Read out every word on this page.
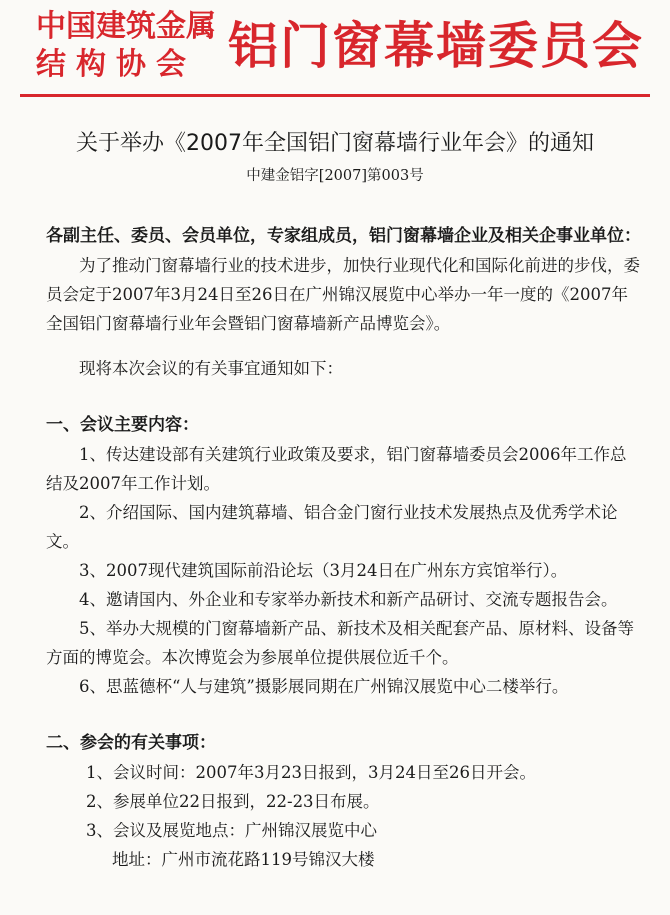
中国建筑金属
结构协会 铝门窗幕墙委员会
关于举办《2007年全国铝门窗幕墙行业年会》的通知
中建金铝字[2007]第003号

各副主任、委员、会员单位，专家组成员，铝门窗幕墙企业及相关企事业单位：

为了推动门窗幕墙行业的技术进步，加快行业现代化和国际化前进的步伐，委员会定于2007年3月24日至26日在广州锦汉展览中心举办一年一度的《2007年全国铝门窗幕墙行业年会暨铝门窗幕墙新产品博览会》。

现将本次会议的有关事宜通知如下：

一、会议主要内容：

1、传达建设部有关建筑行业政策及要求，铝门窗幕墙委员会2006年工作总结及2007年工作计划。

2、介绍国际、国内建筑幕墙、铝合金门窗行业技术发展热点及优秀学术论文。

3、2007现代建筑国际前沿论坛（3月24日在广州东方宾馆举行）。

4、邀请国内、外企业和专家举办新技术和新产品研讨、交流专题报告会。

5、举办大规模的门窗幕墙新产品、新技术及相关配套产品、原材料、设备等方面的博览会。本次博览会为参展单位提供展位近千个。

6、思蓝德杯“人与建筑”摄影展同期在广州锦汉展览中心二楼举行。

二、参会的有关事项：

1、会议时间：2007年3月23日报到，3月24日至26日开会。

2、参展单位22日报到，22-23日布展。

3、会议及展览地点：广州锦汉展览中心

地址：广州市流花路119号锦汉大楼
